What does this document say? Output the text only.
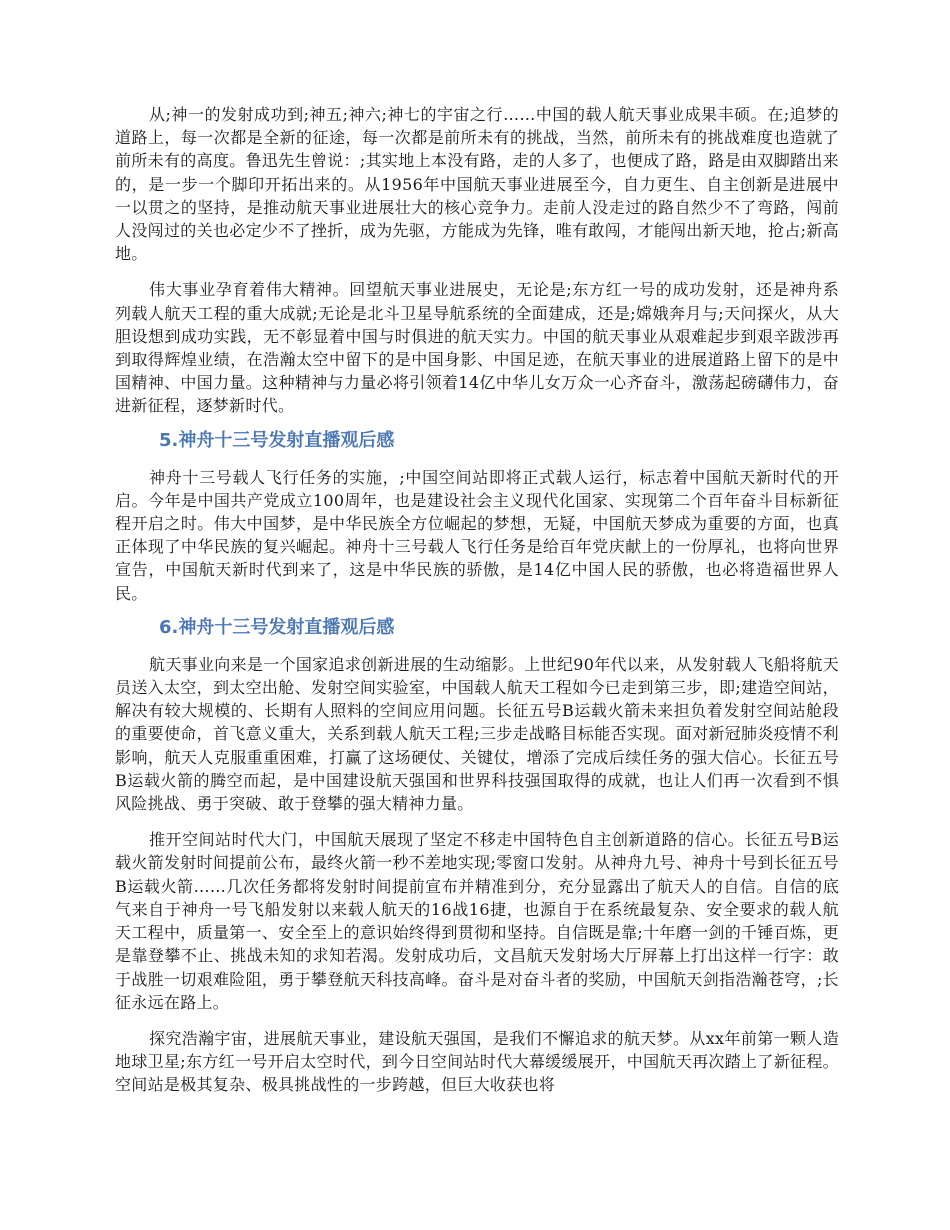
从;神一的发射成功到;神五;神六;神七的宇宙之行……中国的载人航天事业成果丰硕。在;追梦的道路上，每一次都是全新的征途，每一次都是前所未有的挑战，当然，前所未有的挑战难度也造就了前所未有的高度。鲁迅先生曾说：;其实地上本没有路，走的人多了，也便成了路，路是由双脚踏出来的，是一步一个脚印开拓出来的。从1956年中国航天事业进展至今，自力更生、自主创新是进展中一以贯之的坚持，是推动航天事业进展壮大的核心竞争力。走前人没走过的路自然少不了弯路，闯前人没闯过的关也必定少不了挫折，成为先驱，方能成为先锋，唯有敢闯，才能闯出新天地，抢占;新高地。

伟大事业孕育着伟大精神。回望航天事业进展史，无论是;东方红一号的成功发射，还是神舟系列载人航天工程的重大成就;无论是北斗卫星导航系统的全面建成，还是;嫦娥奔月与;天问探火，从大胆设想到成功实践，无不彰显着中国与时俱进的航天实力。中国的航天事业从艰难起步到艰辛跋涉再到取得辉煌业绩，在浩瀚太空中留下的是中国身影、中国足迹，在航天事业的进展道路上留下的是中国精神、中国力量。这种精神与力量必将引领着14亿中华儿女万众一心齐奋斗，激荡起磅礴伟力，奋进新征程，逐梦新时代。

5.神舟十三号发射直播观后感

神舟十三号载人飞行任务的实施，;中国空间站即将正式载人运行，标志着中国航天新时代的开启。今年是中国共产党成立100周年，也是建设社会主义现代化国家、实现第二个百年奋斗目标新征程开启之时。伟大中国梦，是中华民族全方位崛起的梦想，无疑，中国航天梦成为重要的方面，也真正体现了中华民族的复兴崛起。神舟十三号载人飞行任务是给百年党庆献上的一份厚礼，也将向世界宣告，中国航天新时代到来了，这是中华民族的骄傲，是14亿中国人民的骄傲，也必将造福世界人民。

6.神舟十三号发射直播观后感

航天事业向来是一个国家追求创新进展的生动缩影。上世纪90年代以来，从发射载人飞船将航天员送入太空，到太空出舱、发射空间实验室，中国载人航天工程如今已走到第三步，即;建造空间站，解决有较大规模的、长期有人照料的空间应用问题。长征五号B运载火箭未来担负着发射空间站舱段的重要使命，首飞意义重大，关系到载人航天工程;三步走战略目标能否实现。面对新冠肺炎疫情不利影响，航天人克服重重困难，打赢了这场硬仗、关键仗，增添了完成后续任务的强大信心。长征五号B运载火箭的腾空而起，是中国建设航天强国和世界科技强国取得的成就，也让人们再一次看到不惧风险挑战、勇于突破、敢于登攀的强大精神力量。

推开空间站时代大门，中国航天展现了坚定不移走中国特色自主创新道路的信心。长征五号B运载火箭发射时间提前公布，最终火箭一秒不差地实现;零窗口发射。从神舟九号、神舟十号到长征五号B运载火箭……几次任务都将发射时间提前宣布并精准到分，充分显露出了航天人的自信。自信的底气来自于神舟一号飞船发射以来载人航天的16战16捷，也源自于在系统最复杂、安全要求的载人航天工程中，质量第一、安全至上的意识始终得到贯彻和坚持。自信既是靠;十年磨一剑的千锤百炼，更是靠登攀不止、挑战未知的求知若渴。发射成功后，文昌航天发射场大厅屏幕上打出这样一行字：敢于战胜一切艰难险阻，勇于攀登航天科技高峰。奋斗是对奋斗者的奖励，中国航天剑指浩瀚苍穹，;长征永远在路上。

探究浩瀚宇宙，进展航天事业，建设航天强国，是我们不懈追求的航天梦。从xx年前第一颗人造地球卫星;东方红一号开启太空时代，到今日空间站时代大幕缓缓展开，中国航天再次踏上了新征程。空间站是极其复杂、极具挑战性的一步跨越，但巨大收获也将
